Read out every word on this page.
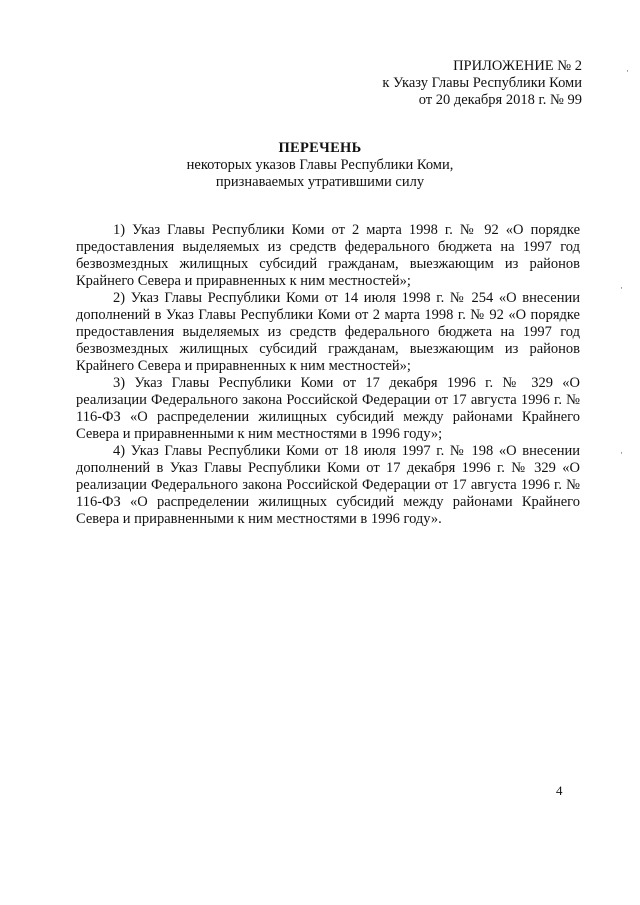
ПРИЛОЖЕНИЕ № 2
к Указу Главы Республики Коми
от 20 декабря 2018 г. № 99
ПЕРЕЧЕНЬ
некоторых указов Главы Республики Коми,
признаваемых утратившими силу

1) Указ Главы Республики Коми от 2 марта 1998 г. № 92 «О порядке предоставления выделяемых из средств федерального бюджета на 1997 год безвозмездных жилищных субсидий гражданам, выезжающим из районов Крайнего Севера и приравненных к ним местностей»;

2) Указ Главы Республики Коми от 14 июля 1998 г. № 254 «О внесении дополнений в Указ Главы Республики Коми от 2 марта 1998 г. № 92 «О порядке предоставления выделяемых из средств федерального бюджета на 1997 год безвозмездных жилищных субсидий гражданам, выезжающим из районов Крайнего Севера и приравненных к ним местностей»;

3) Указ Главы Республики Коми от 17 декабря 1996 г. № 329 «О реализации Федерального закона Российской Федерации от 17 августа 1996 г. № 116-ФЗ «О распределении жилищных субсидий между районами Крайнего Севера и приравненными к ним местностями в 1996 году»;

4) Указ Главы Республики Коми от 18 июля 1997 г. № 198 «О внесении дополнений в Указ Главы Республики Коми от 17 декабря 1996 г. № 329 «О реализации Федерального закона Российской Федерации от 17 августа 1996 г. № 116-ФЗ «О распределении жилищных субсидий между районами Крайнего Севера и приравненными к ним местностями в 1996 году».

4
·
·
·
